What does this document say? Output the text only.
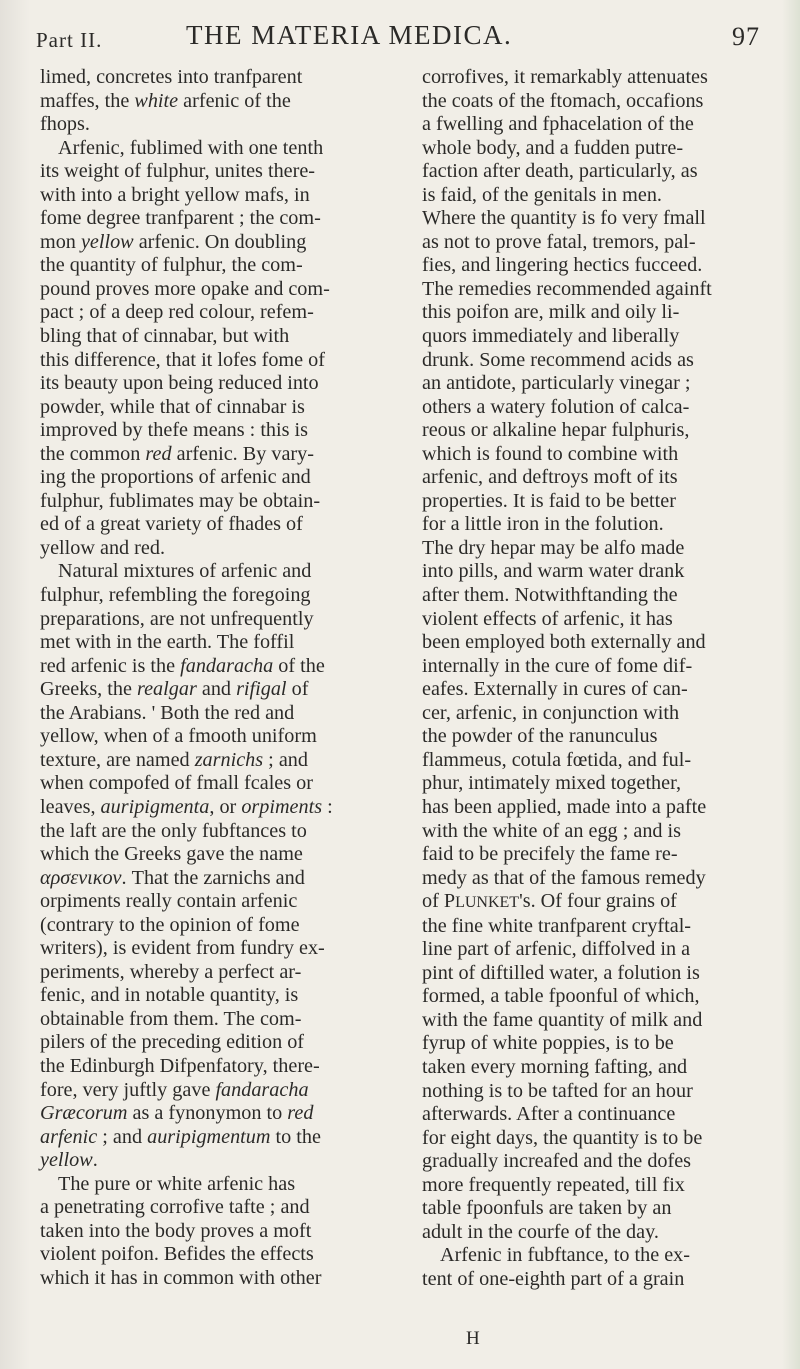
Part II.	THE MATERIA MEDICA.	97

limed, concretes into tranfparent
maffes, the white arfenic of the
fhops.

Arfenic, fublimed with one tenth
its weight of fulphur, unites there-
with into a bright yellow mafs, in
fome degree tranfparent ; the com-
mon yellow arfenic. On doubling
the quantity of fulphur, the com-
pound proves more opake and com-
pact ; of a deep red colour, refem-
bling that of cinnabar, but with
this difference, that it lofes fome of
its beauty upon being reduced into
powder, while that of cinnabar is
improved by thefe means : this is
the common red arfenic. By vary-
ing the proportions of arfenic and
fulphur, fublimates may be obtain-
ed of a great variety of fhades of
yellow and red.

Natural mixtures of arfenic and
fulphur, refembling the foregoing
preparations, are not unfrequently
met with in the earth. The foffil
red arfenic is the fandaracha of the
Greeks, the realgar and rifigal of
the Arabians. ' Both the red and
yellow, when of a fmooth uniform
texture, are named zarnichs ; and
when compofed of fmall fcales or
leaves, auripigmenta, or orpiments :
the laft are the only fubftances to
which the Greeks gave the name
αρσενικον. That the zarnichs and
orpiments really contain arfenic
(contrary to the opinion of fome
writers), is evident from fundry ex-
periments, whereby a perfect ar-
fenic, and in notable quantity, is
obtainable from them. The com-
pilers of the preceding edition of
the Edinburgh Difpenfatory, there-
fore, very juftly gave fandaracha
Græcorum as a fynonymon to red
arfenic ; and auripigmentum to the
yellow.

The pure or white arfenic has
a penetrating corrofive tafte ; and
taken into the body proves a moft
violent poifon. Befides the effects
which it has in common with other

corrofives, it remarkably attenuates
the coats of the ftomach, occafions
a fwelling and fphacelation of the
whole body, and a fudden putre-
faction after death, particularly, as
is faid, of the genitals in men.
Where the quantity is fo very fmall
as not to prove fatal, tremors, pal-
fies, and lingering hectics fucceed.
The remedies recommended againft
this poifon are, milk and oily li-
quors immediately and liberally
drunk. Some recommend acids as
an antidote, particularly vinegar ;
others a watery folution of calca-
reous or alkaline hepar fulphuris,
which is found to combine with
arfenic, and deftroys moft of its
properties. It is faid to be better
for a little iron in the folution.
The dry hepar may be alfo made
into pills, and warm water drank
after them. Notwithftanding the
violent effects of arfenic, it has
been employed both externally and
internally in the cure of fome dif-
eafes. Externally in cures of can-
cer, arfenic, in conjunction with
the powder of the ranunculus
flammeus, cotula fœtida, and ful-
phur, intimately mixed together,
has been applied, made into a pafte
with the white of an egg ; and is
faid to be precifely the fame re-
medy as that of the famous remedy
of PLUNKET's. Of four grains of
the fine white tranfparent cryftal-
line part of arfenic, diffolved in a
pint of diftilled water, a folution is
formed, a table fpoonful of which,
with the fame quantity of milk and
fyrup of white poppies, is to be
taken every morning fafting, and
nothing is to be tafted for an hour
afterwards. After a continuance
for eight days, the quantity is to be
gradually increafed and the dofes
more frequently repeated, till fix
table fpoonfuls are taken by an
adult in the courfe of the day.

Arfenic in fubftance, to the ex-
tent of one-eighth part of a grain

H
